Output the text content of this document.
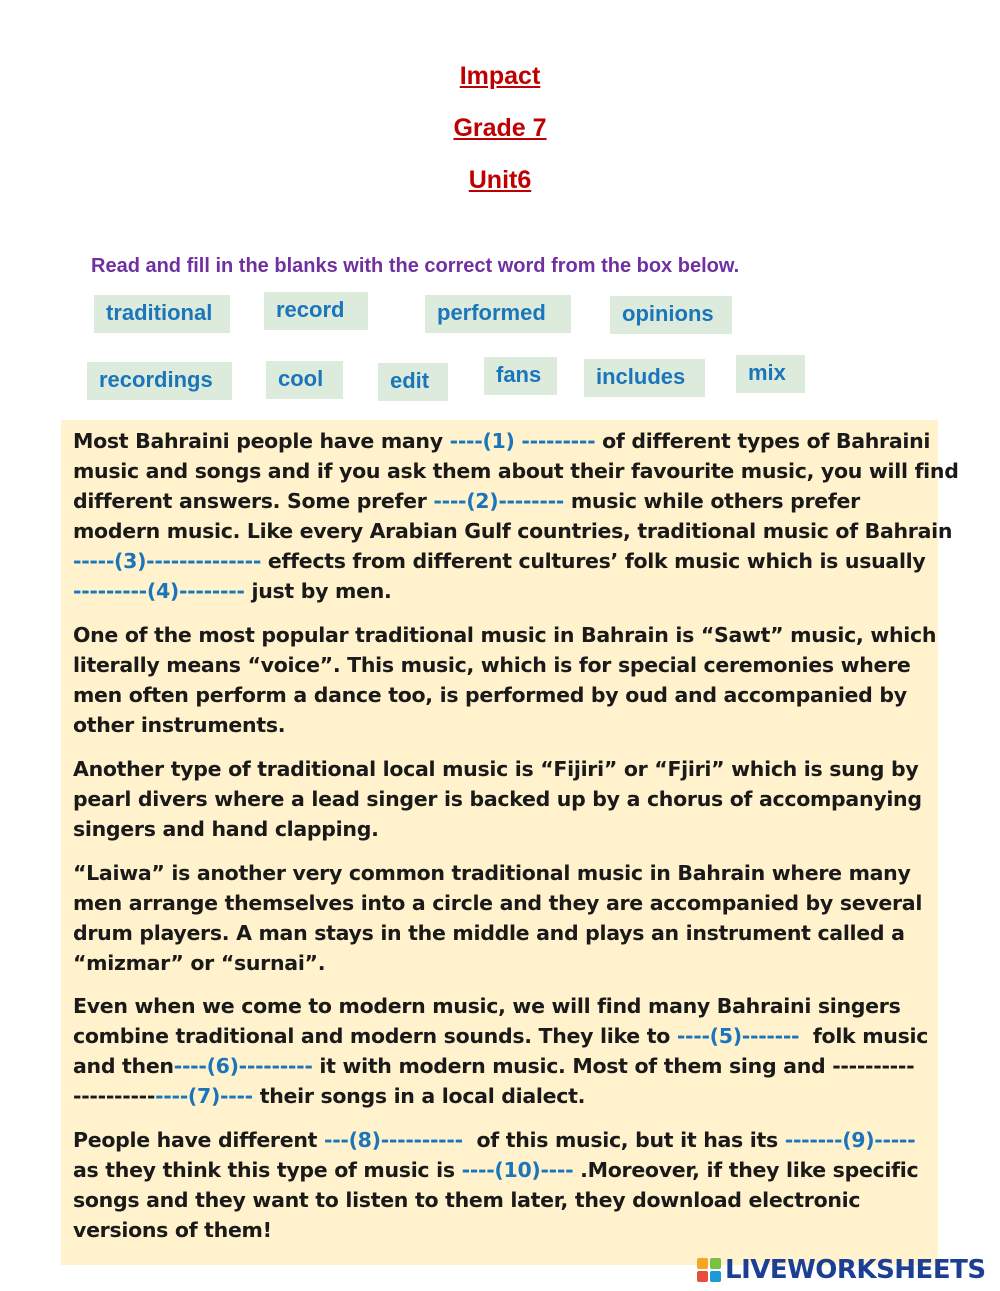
Impact
Grade 7
Unit6
Read and fill in the blanks with the correct word from the box below.
traditional	record	performed	opinions
recordings	cool	edit	fans	includes	mix
Most Bahraini people have many ----(1) --------- of different types of Bahraini
music and songs and if you ask them about their favourite music, you will find
different answers. Some prefer ----(2)-------- music while others prefer
modern music. Like every Arabian Gulf countries, traditional music of Bahrain
-----(3)-------------- effects from different cultures’ folk music which is usually
---------(4)-------- just by men.
One of the most popular traditional music in Bahrain is “Sawt” music, which
literally means “voice”. This music, which is for special ceremonies where
men often perform a dance too, is performed by oud and accompanied by
other instruments.
Another type of traditional local music is “Fijiri” or “Fjiri” which is sung by
pearl divers where a lead singer is backed up by a chorus of accompanying
singers and hand clapping.
“Laiwa” is another very common traditional music in Bahrain where many
men arrange themselves into a circle and they are accompanied by several
drum players. A man stays in the middle and plays an instrument called a
“mizmar” or “surnai”.
Even when we come to modern music, we will find many Bahraini singers
combine traditional and modern sounds. They like to ----(5)-------  folk music
and then----(6)--------- it with modern music. Most of them sing and ----------
--------------(7)---- their songs in a local dialect.
People have different ---(8)----------  of this music, but it has its -------(9)-----
as they think this type of music is ----(10)---- .Moreover, if they like specific
songs and they want to listen to them later, they download electronic
versions of them!
LIVEWORKSHEETS
